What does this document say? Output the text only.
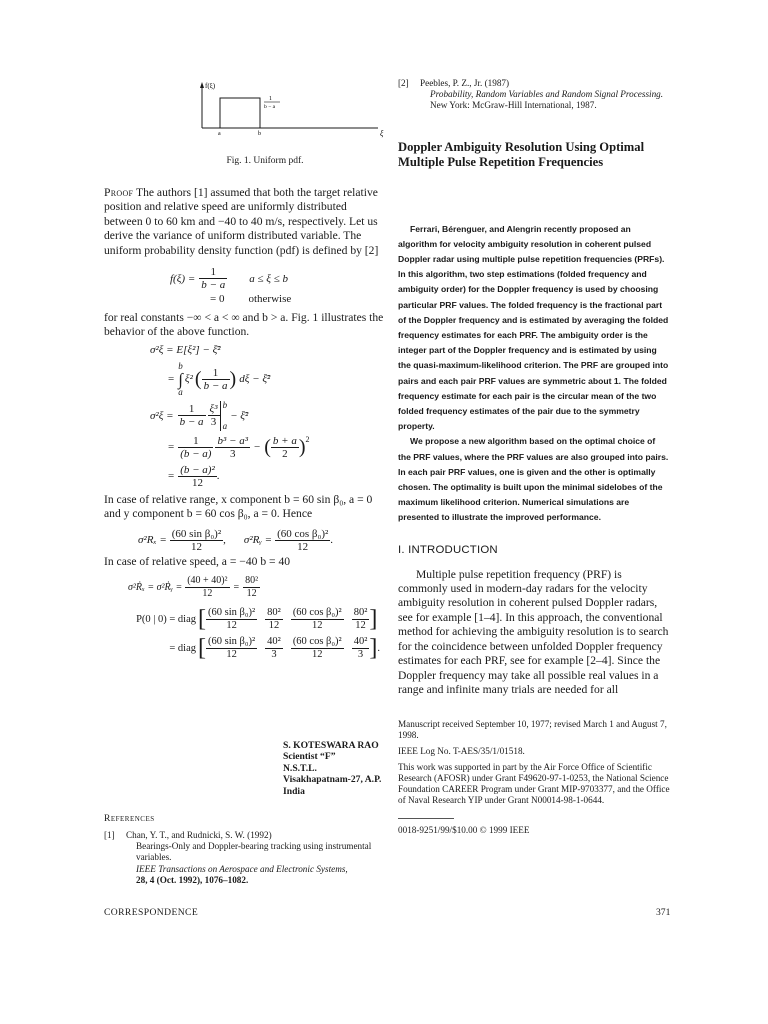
f(ξ)
1
b − a
a	b	ξ
Fig. 1. Uniform pdf.
Proof The authors [1] assumed that both the target relative position and relative speed are uniformly distributed between 0 to 60 km and −40 to 40 m/s, respectively. Let us derive the variance of uniform distributed variable. The uniform probability density function (pdf) is defined by [2]
$f(\xi) = \frac{1}{b - a}$ a ≤ ξ ≤ b
= 0 otherwise
for real constants −∞ < a < ∞ and b > a. Fig. 1 illustrates the behavior of the above function.
σ²ξ = E[ξ²] − ξ̄²
=
b
∫
a
ξ² ( $\frac{1}{b - a}$ ) dξ − ξ̄²
$\sigma^2\xi = \frac{1}{b - a} \frac{\text{ξ³}}{3}$ b
a
− ξ̄²
= $\frac{1}{(b - a)} \frac{\text{b³ − a³}}{3}$ − ( $\frac{b + a}{2} )^2$
= $\frac{\text{(b − a)²}}{12}$ .
In case of relative range, x component b = 60 sin β₀, a = 0 and y component b = 60 cos β₀, a = 0. Hence
$\sigma^2R_x = \frac{\text{(60 sin β₀)²}}{12}$ , σ²Rᵧ = $\frac{\text{(60 cos β₀)²}}{12}$ .
In case of relative speed, a = −40 b = 40
σ²Ṙₓ = σ²Ṙᵧ = $\frac{\text{(40 + 40)²}}{12} = \frac{\text{80²}}{12}$
P(0 | 0) = diag [ $\frac{\text{(60 sin β₀)²}}{12} \frac{\text{80²}}{12} \frac{\text{(60 cos β₀)²}}{12} \frac{\text{80²}}{12}$ ]
= diag [ $\frac{\text{(60 sin β₀)²}}{12} \frac{\text{40²}}{3} \frac{\text{(60 cos β₀)²}}{12} \frac{\text{40²}}{3}$ ] .
S. KOTESWARA RAO
Scientist “F”
N.S.T.L.
Visakhapatnam-27, A.P.
India
References
[1]	Chan, Y. T., and Rudnicki, S. W. (1992)
Bearings-Only and Doppler-bearing tracking using instrumental variables.
IEEE Transactions on Aerospace and Electronic Systems,
28, 4 (Oct. 1992), 1076–1082.
[2]	Peebles, P. Z., Jr. (1987)
Probability, Random Variables and Random Signal Processing.
New York: McGraw-Hill International, 1987.
Doppler Ambiguity Resolution Using Optimal Multiple Pulse Repetition Frequencies
Ferrari, Bérenguer, and Alengrin recently proposed an algorithm for velocity ambiguity resolution in coherent pulsed Doppler radar using multiple pulse repetition frequencies (PRFs). In this algorithm, two step estimations (folded frequency and ambiguity order) for the Doppler frequency is used by choosing particular PRF values. The folded frequency is the fractional part of the Doppler frequency and is estimated by averaging the folded frequency estimates for each PRF. The ambiguity order is the integer part of the Doppler frequency and is estimated by using the quasi-maximum-likelihood criterion. The PRF are grouped into pairs and each pair PRF values are symmetric about 1. The folded frequency estimate for each pair is the circular mean of the two folded frequency estimates of the pair due to the symmetry property.
We propose a new algorithm based on the optimal choice of the PRF values, where the PRF values are also grouped into pairs. In each pair PRF values, one is given and the other is optimally chosen. The optimality is built upon the minimal sidelobes of the maximum likelihood criterion. Numerical simulations are presented to illustrate the improved performance.
I. INTRODUCTION
Multiple pulse repetition frequency (PRF) is commonly used in modern-day radars for the velocity ambiguity resolution in coherent pulsed Doppler radars, see for example [1–4]. In this approach, the conventional method for achieving the ambiguity resolution is to search for the coincidence between unfolded Doppler frequency estimates for each PRF, see for example [2–4]. Since the Doppler frequency may take all possible real values in a range and infinite many trials are needed for all
Manuscript received September 10, 1977; revised March 1 and August 7, 1998.
IEEE Log No. T-AES/35/1/01518.
This work was supported in part by the Air Force Office of Scientific Research (AFOSR) under Grant F49620-97-1-0253, the National Science Foundation CAREER Program under Grant MIP-9703377, and the Office of Naval Research YIP under Grant N00014-98-1-0644.
0018-9251/99/$10.00 © 1999 IEEE
CORRESPONDENCE	371
